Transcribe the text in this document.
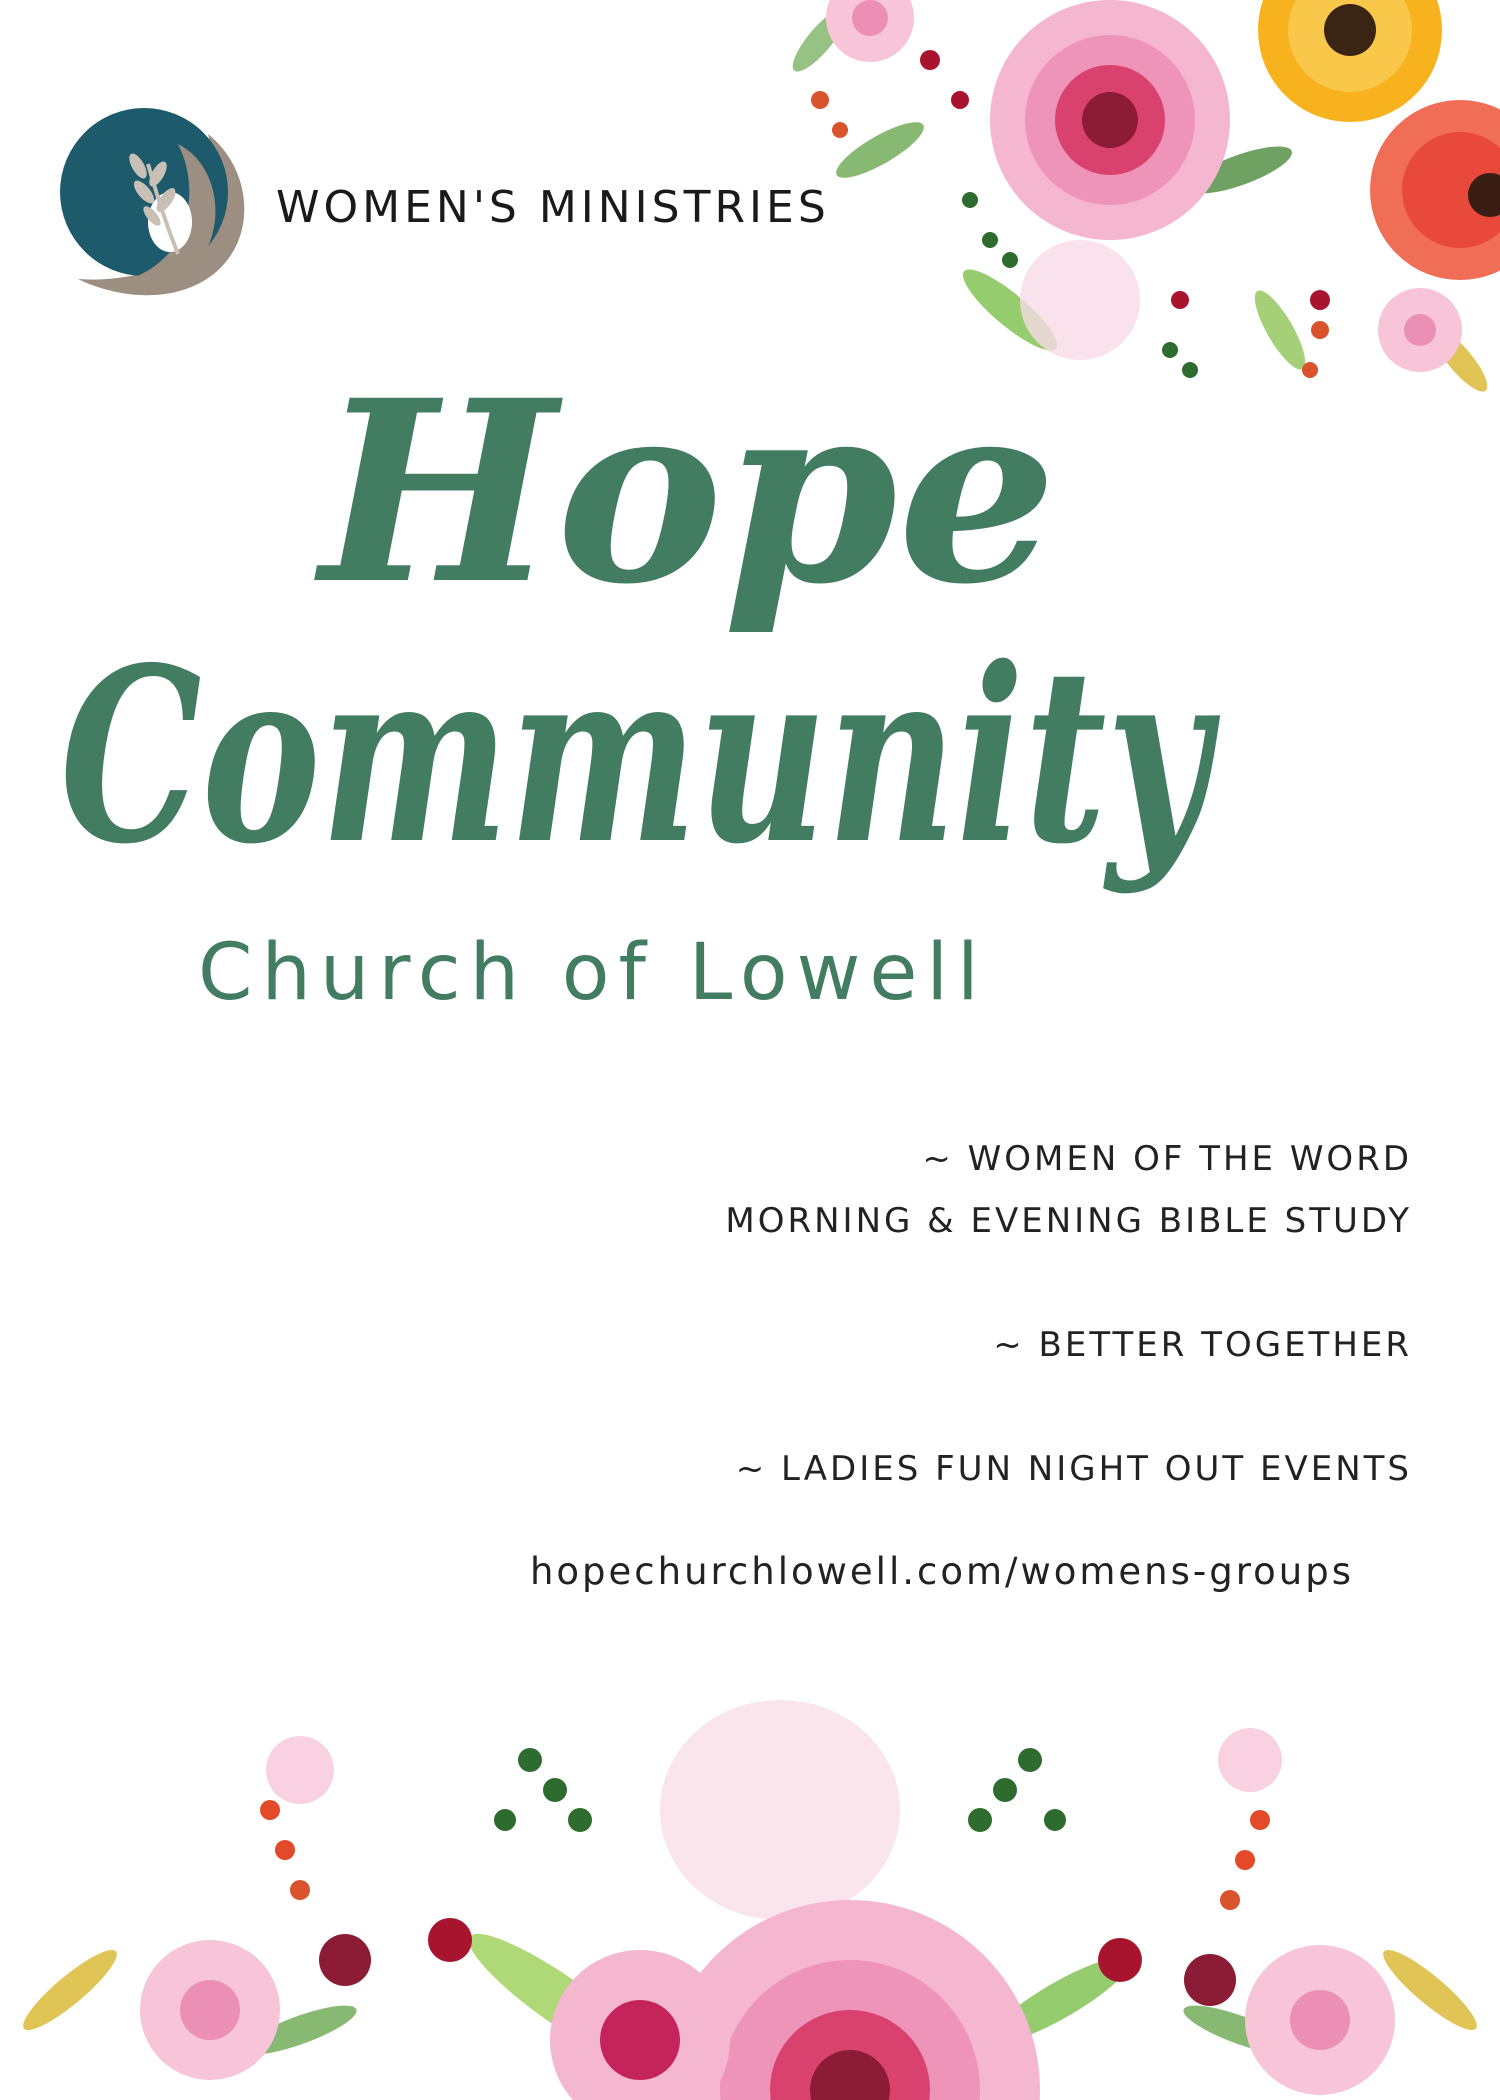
WOMEN'S MINISTRIES
Hope
Community
Church of Lowell
~ WOMEN OF THE WORD
MORNING & EVENING BIBLE STUDY
~ BETTER TOGETHER
~ LADIES FUN NIGHT OUT EVENTS
hopechurchlowell.com/womens-groups
